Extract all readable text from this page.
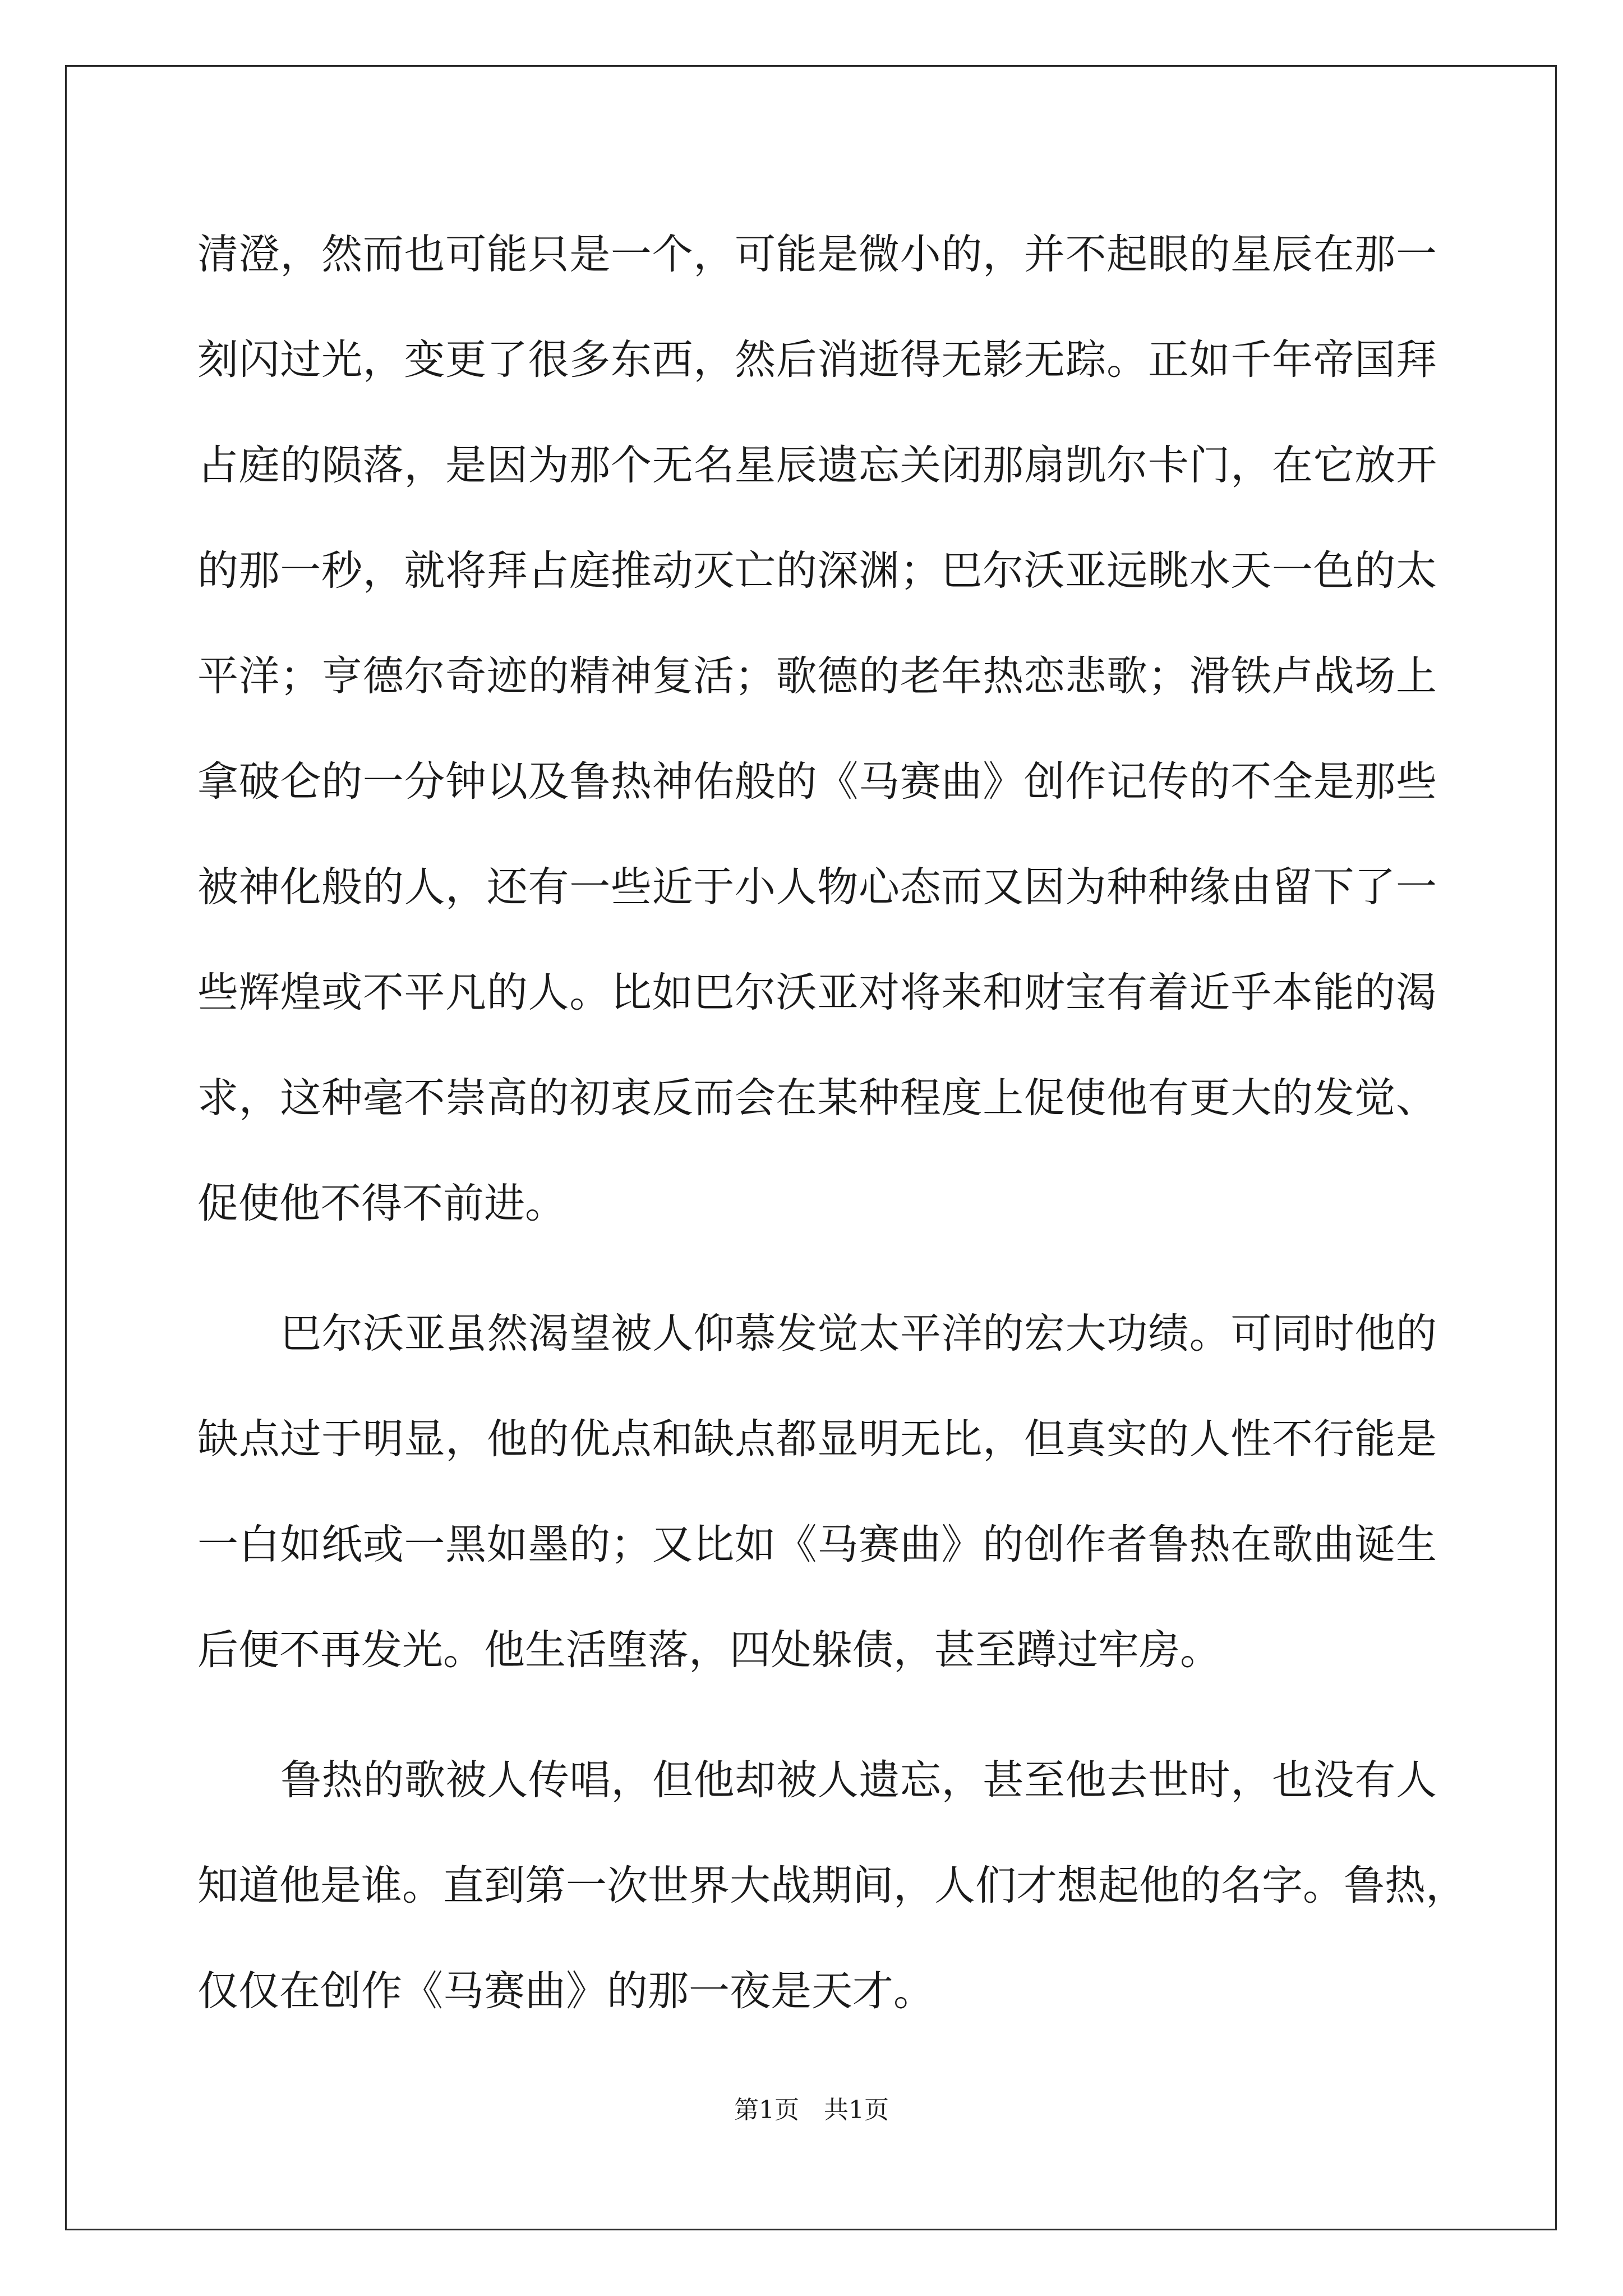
清澄，然而也可能只是一个，可能是微小的，并不起眼的星辰在那一
刻闪过光，变更了很多东西，然后消逝得无影无踪。正如千年帝国拜
占庭的陨落，是因为那个无名星辰遗忘关闭那扇凯尔卡门，在它放开
的那一秒，就将拜占庭推动灭亡的深渊；巴尔沃亚远眺水天一色的太
平洋；亨德尔奇迹的精神复活；歌德的老年热恋悲歌；滑铁卢战场上
拿破仑的一分钟以及鲁热神佑般的《马赛曲》创作记传的不全是那些
被神化般的人，还有一些近于小人物心态而又因为种种缘由留下了一
些辉煌或不平凡的人。比如巴尔沃亚对将来和财宝有着近乎本能的渴
求，这种毫不崇高的初衷反而会在某种程度上促使他有更大的发觉、
促使他不得不前进。
巴尔沃亚虽然渴望被人仰慕发觉太平洋的宏大功绩。可同时他的
缺点过于明显，他的优点和缺点都显明无比，但真实的人性不行能是
一白如纸或一黑如墨的；又比如《马赛曲》的创作者鲁热在歌曲诞生
后便不再发光。他生活堕落，四处躲债，甚至蹲过牢房。
鲁热的歌被人传唱，但他却被人遗忘，甚至他去世时，也没有人
知道他是谁。直到第一次世界大战期间，人们才想起他的名字。鲁热，
仅仅在创作《马赛曲》的那一夜是天才。
第1页　共1页
